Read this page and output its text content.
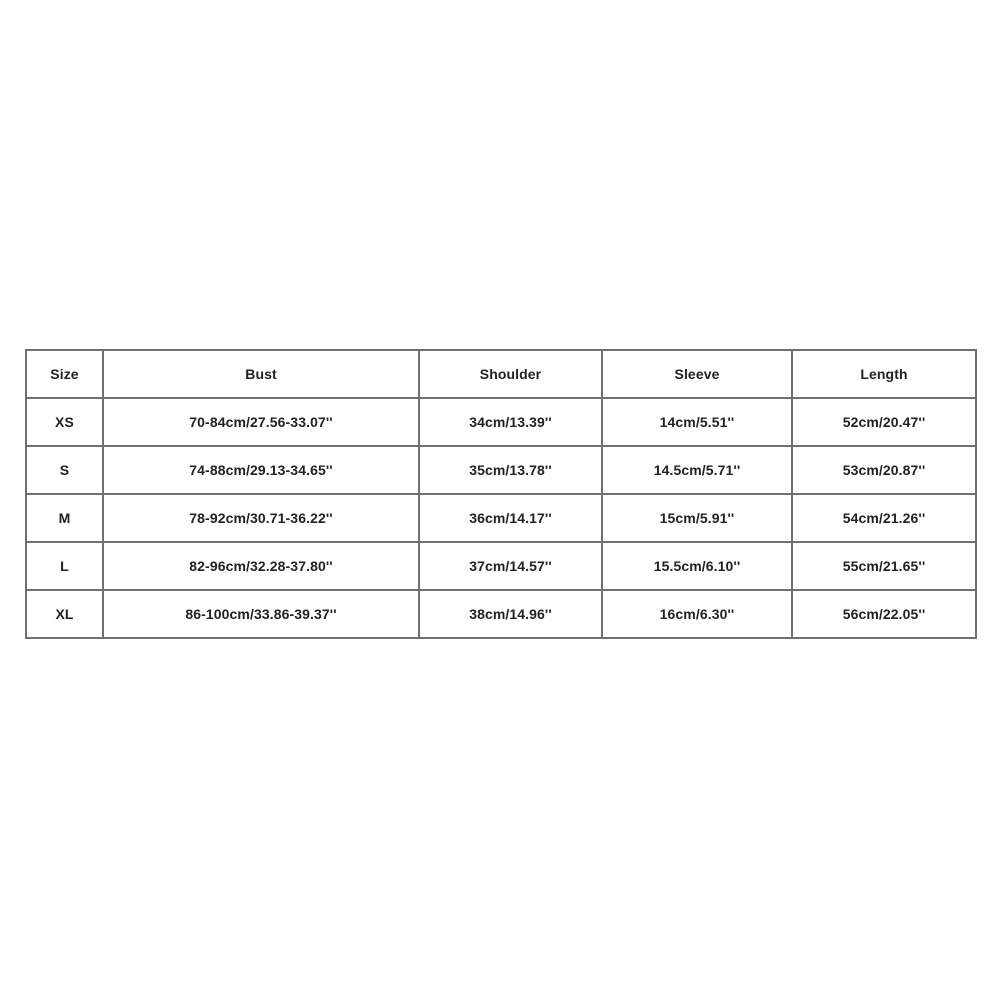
Size	Bust	Shoulder	Sleeve	Length
XS	70-84cm/27.56-33.07''	34cm/13.39''	14cm/5.51''	52cm/20.47''
S	74-88cm/29.13-34.65''	35cm/13.78''	14.5cm/5.71''	53cm/20.87''
M	78-92cm/30.71-36.22''	36cm/14.17''	15cm/5.91''	54cm/21.26''
L	82-96cm/32.28-37.80''	37cm/14.57''	15.5cm/6.10''	55cm/21.65''
XL	86-100cm/33.86-39.37''	38cm/14.96''	16cm/6.30''	56cm/22.05''
